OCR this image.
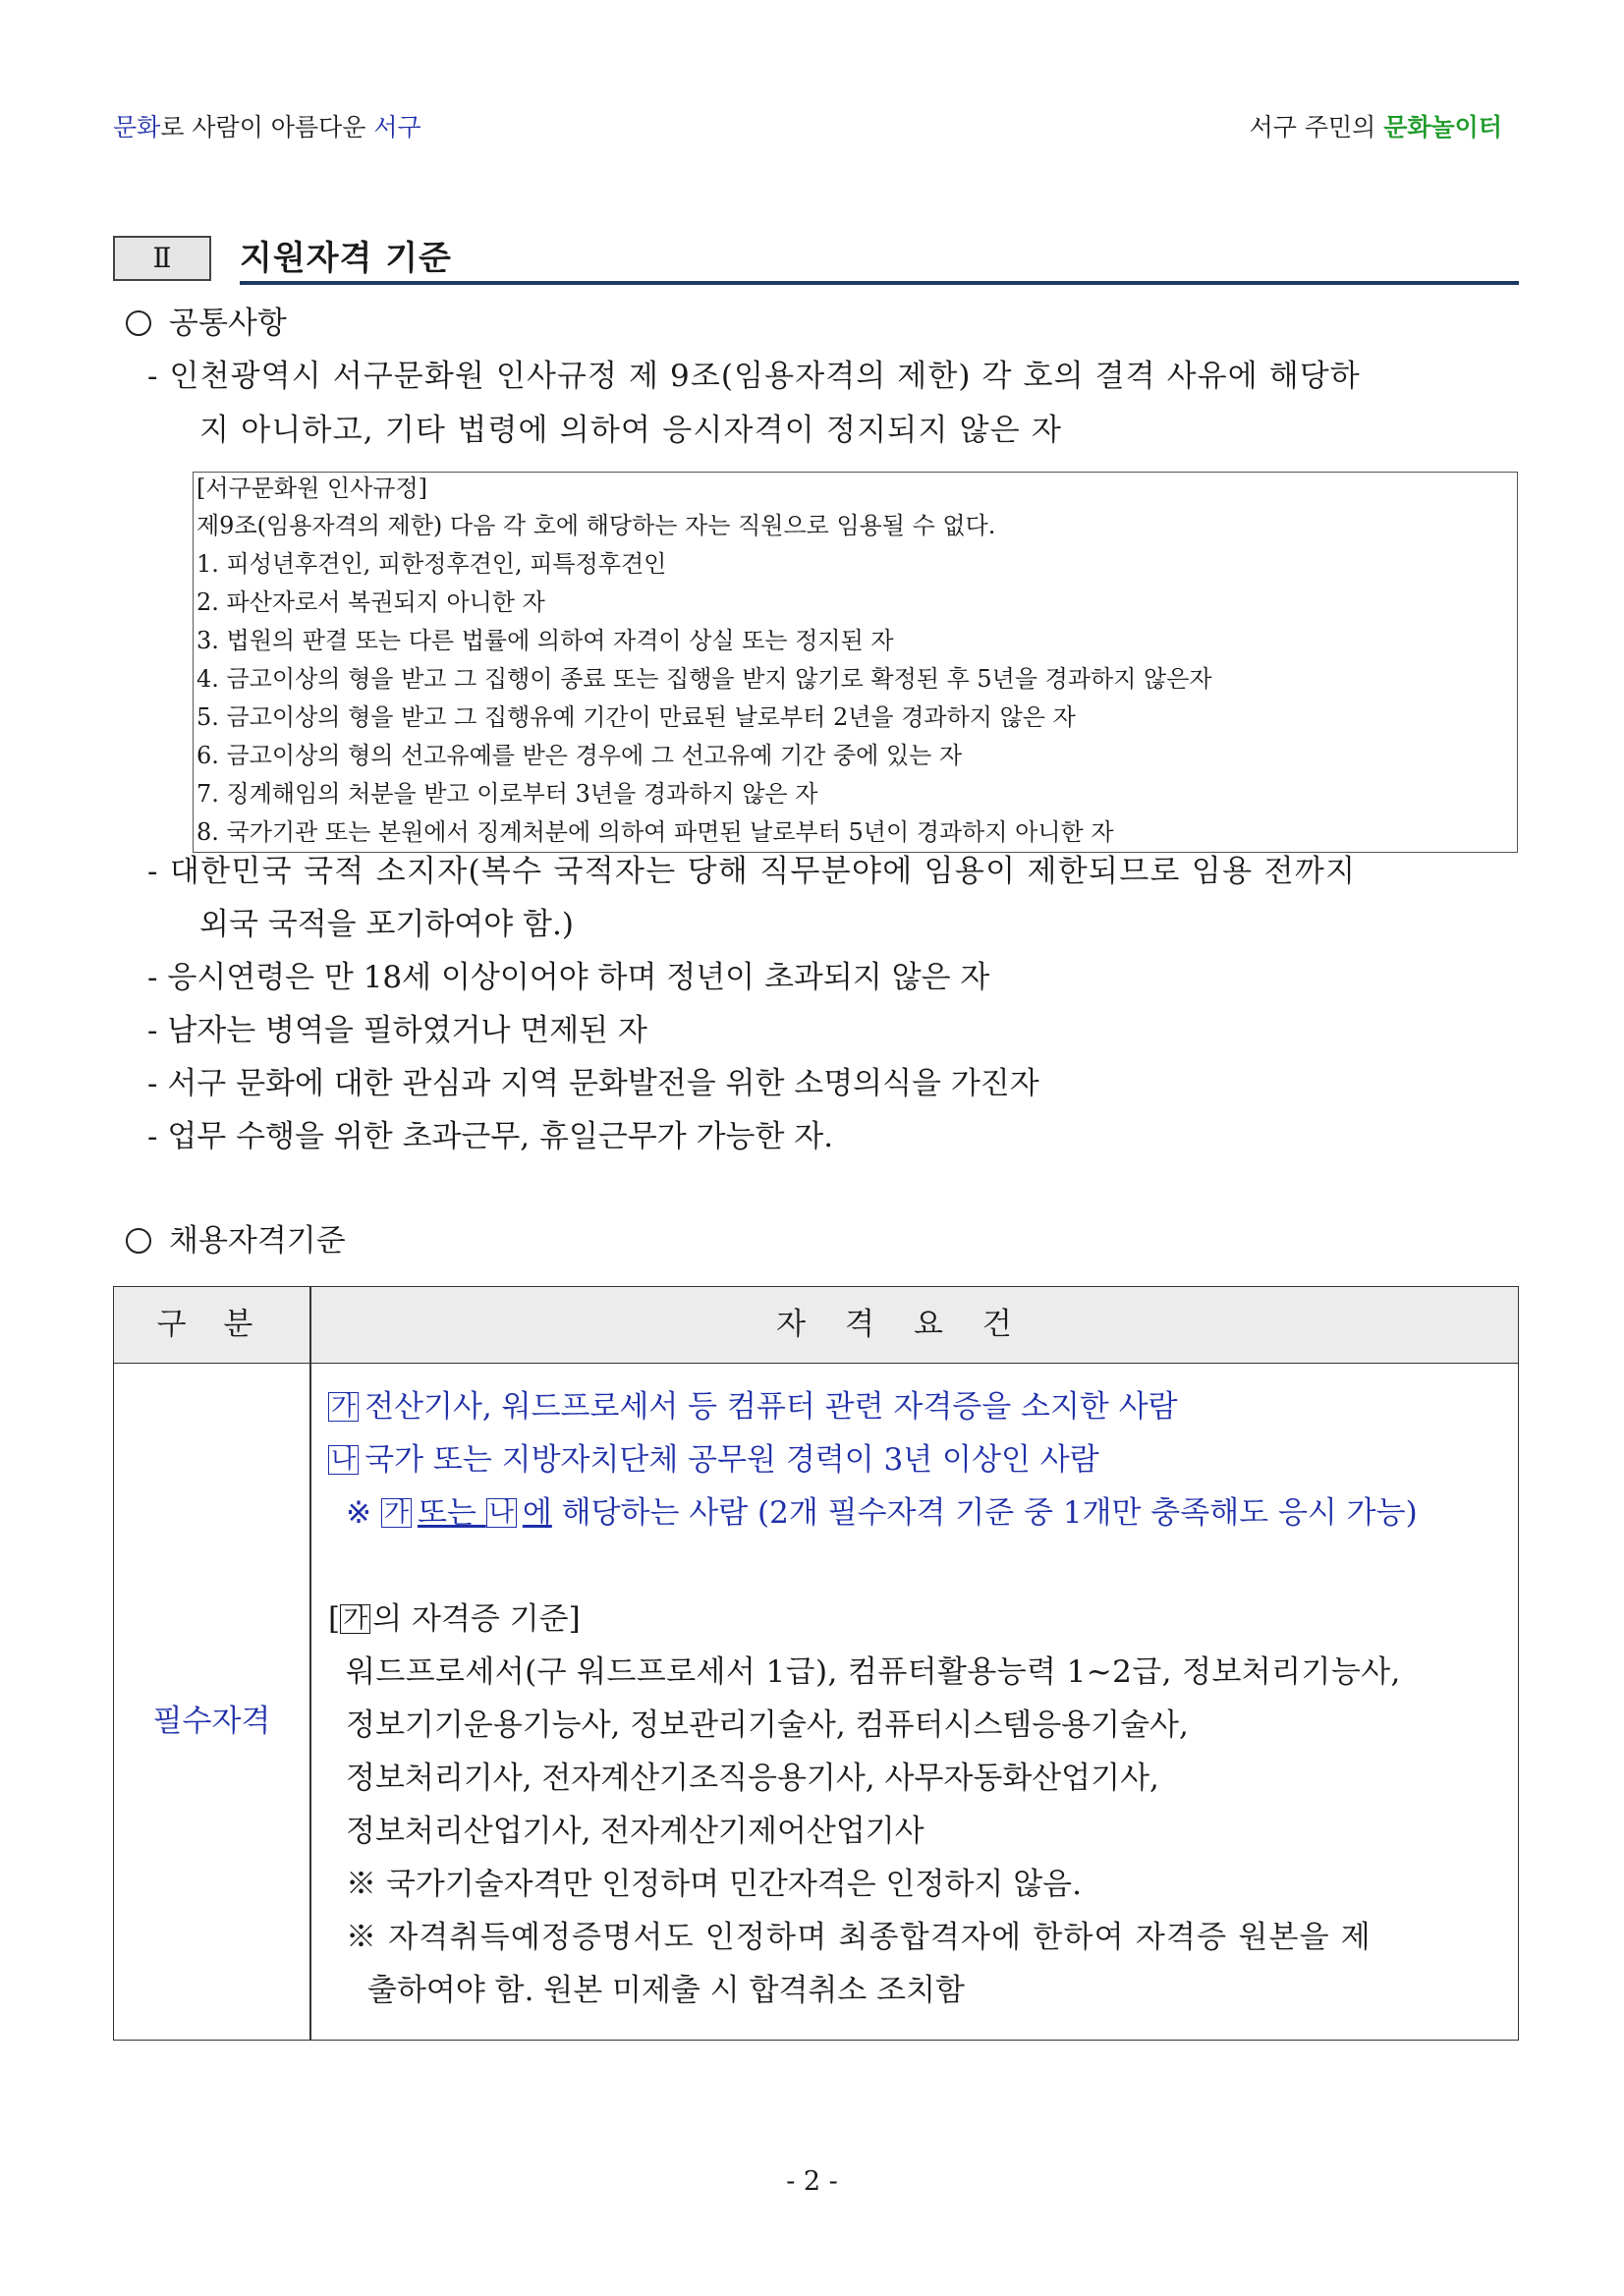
문화로 사람이 아름다운 서구	서구 주민의 문화놀이터
Ⅱ	지원자격 기준
공통사항
- 인천광역시 서구문화원 인사규정 제 9조(임용자격의 제한) 각 호의 결격 사유에 해당하
지 아니하고, 기타 법령에 의하여 응시자격이 정지되지 않은 자
[서구문화원 인사규정]
제9조(임용자격의 제한) 다음 각 호에 해당하는 자는 직원으로 임용될 수 없다.
1. 피성년후견인, 피한정후견인, 피특정후견인
2. 파산자로서 복권되지 아니한 자
3. 법원의 판결 또는 다른 법률에 의하여 자격이 상실 또는 정지된 자
4. 금고이상의 형을 받고 그 집행이 종료 또는 집행을 받지 않기로 확정된 후 5년을 경과하지 않은자
5. 금고이상의 형을 받고 그 집행유예 기간이 만료된 날로부터 2년을 경과하지 않은 자
6. 금고이상의 형의 선고유예를 받은 경우에 그 선고유예 기간 중에 있는 자
7. 징계해임의 처분을 받고 이로부터 3년을 경과하지 않은 자
8. 국가기관 또는 본원에서 징계처분에 의하여 파면된 날로부터 5년이 경과하지 아니한 자
- 대한민국 국적 소지자(복수 국적자는 당해 직무분야에 임용이 제한되므로 임용 전까지
외국 국적을 포기하여야 함.)
- 응시연령은 만 18세 이상이어야 하며 정년이 초과되지 않은 자
- 남자는 병역을 필하였거나 면제된 자
- 서구 문화에 대한 관심과 지역 문화발전을 위한 소명의식을 가진자
- 업무 수행을 위한 초과근무, 휴일근무가 가능한 자.
채용자격기준
구 분	자격요건
필수자격
가 전산기사, 워드프로세서 등 컴퓨터 관련 자격증을 소지한 사람
나 국가 또는 지방자치단체 공무원 경력이 3년 이상인 사람
※ 가 또는 나 에 해당하는 사람 (2개 필수자격 기준 중 1개만 충족해도 응시 가능)
[ 가 의 자격증 기준]
워드프로세서(구 워드프로세서 1급), 컴퓨터활용능력 1~2급, 정보처리기능사,
정보기기운용기능사, 정보관리기술사, 컴퓨터시스템응용기술사,
정보처리기사, 전자계산기조직응용기사, 사무자동화산업기사,
정보처리산업기사, 전자계산기제어산업기사
※ 국가기술자격만 인정하며 민간자격은 인정하지 않음.
※ 자격취득예정증명서도 인정하며 최종합격자에 한하여 자격증 원본을 제
출하여야 함. 원본 미제출 시 합격취소 조치함
- 2 -
